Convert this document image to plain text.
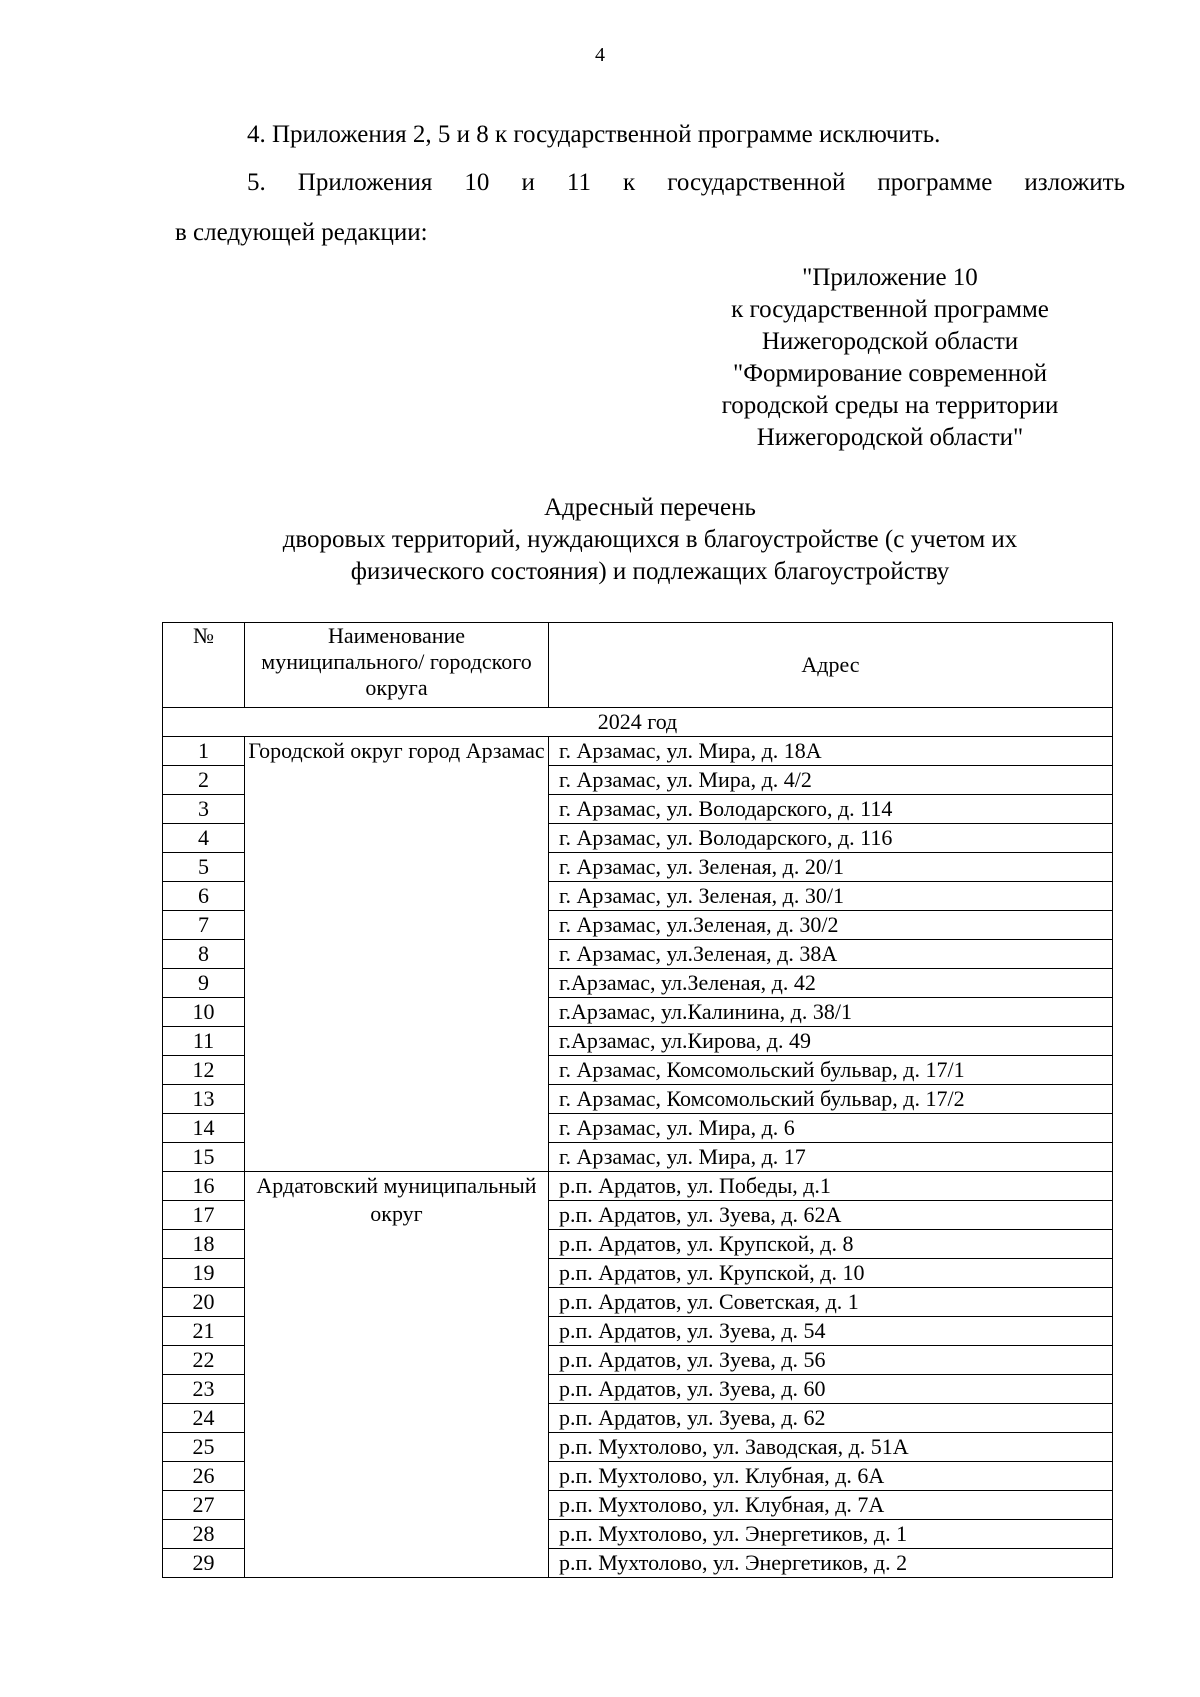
4
4. Приложения 2, 5 и 8 к государственной программе исключить.
5. Приложения 10 и 11 к государственной программе изложить
в следующей редакции:
"Приложение 10
к государственной программе
Нижегородской области
"Формирование современной
городской среды на территории
Нижегородской области"
Адресный перечень
дворовых территорий, нуждающихся в благоустройстве (с учетом их
физического состояния) и подлежащих благоустройству
№	Наименование муниципального/ городского округа	Адрес
2024 год		
1	Городской округ город Арзамас	г. Арзамас, ул. Мира, д. 18А
2		г. Арзамас, ул. Мира, д. 4/2
3		г. Арзамас, ул. Володарского, д. 114
4		г. Арзамас, ул. Володарского, д. 116
5		г. Арзамас, ул. Зеленая, д. 20/1
6		г. Арзамас, ул. Зеленая, д. 30/1
7		г. Арзамас, ул.Зеленая, д. 30/2
8		г. Арзамас, ул.Зеленая, д. 38А
9		г.Арзамас, ул.Зеленая, д. 42
10		г.Арзамас, ул.Калинина, д. 38/1
11		г.Арзамас, ул.Кирова, д. 49
12		г. Арзамас, Комсомольский бульвар, д. 17/1
13		г. Арзамас, Комсомольский бульвар, д. 17/2
14		г. Арзамас, ул. Мира, д. 6
15		г. Арзамас, ул. Мира, д. 17
16	Ардатовский муниципальный округ	р.п. Ардатов, ул. Победы, д.1
17		р.п. Ардатов, ул. Зуева, д. 62А
18		р.п. Ардатов, ул. Крупской, д. 8
19		р.п. Ардатов, ул. Крупской, д. 10
20		р.п. Ардатов, ул. Советская, д. 1
21		р.п. Ардатов, ул. Зуева, д. 54
22		р.п. Ардатов, ул. Зуева, д. 56
23		р.п. Ардатов, ул. Зуева, д. 60
24		р.п. Ардатов, ул. Зуева, д. 62
25		р.п. Мухтолово, ул. Заводская, д. 51А
26		р.п. Мухтолово, ул. Клубная, д. 6А
27		р.п. Мухтолово, ул. Клубная, д. 7А
28		р.п. Мухтолово, ул. Энергетиков, д. 1
29		р.п. Мухтолово, ул. Энергетиков, д. 2
